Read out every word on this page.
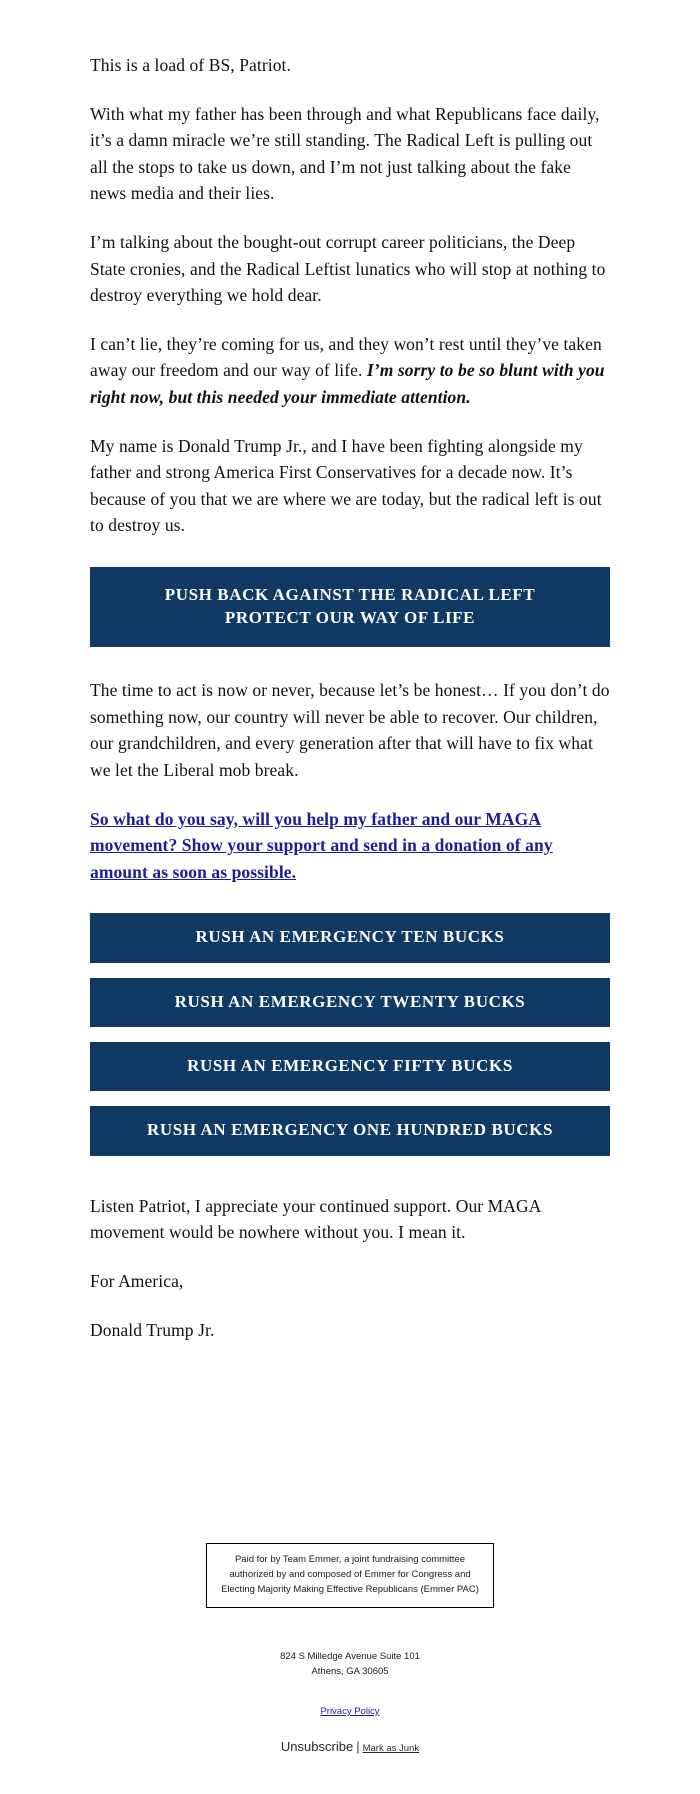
This is a load of BS, Patriot.

With what my father has been through and what Republicans face daily, it’s a damn miracle we’re still standing. The Radical Left is pulling out all the stops to take us down, and I’m not just talking about the fake news media and their lies.

I’m talking about the bought-out corrupt career politicians, the Deep State cronies, and the Radical Leftist lunatics who will stop at nothing to destroy everything we hold dear.

I can’t lie, they’re coming for us, and they won’t rest until they’ve taken away our freedom and our way of life. I’m sorry to be so blunt with you right now, but this needed your immediate attention.

My name is Donald Trump Jr., and I have been fighting alongside my father and strong America First Conservatives for a decade now. It’s because of you that we are where we are today, but the radical left is out to destroy us.

PUSH BACK AGAINST THE RADICAL LEFT
PROTECT OUR WAY OF LIFE

The time to act is now or never, because let’s be honest… If you don’t do something now, our country will never be able to recover. Our children, our grandchildren, and every generation after that will have to fix what we let the Liberal mob break.

So what do you say, will you help my father and our MAGA movement? Show your support and send in a donation of any amount as soon as possible.

RUSH AN EMERGENCY TEN BUCKS
RUSH AN EMERGENCY TWENTY BUCKS
RUSH AN EMERGENCY FIFTY BUCKS
RUSH AN EMERGENCY ONE HUNDRED BUCKS

Listen Patriot, I appreciate your continued support. Our MAGA movement would be nowhere without you. I mean it.

For America,

Donald Trump Jr.

Paid for by Team Emmer, a joint fundraising committee
authorized by and composed of Emmer for Congress and
Electing Majority Making Effective Republicans (Emmer PAC)
824 S Milledge Avenue Suite 101
Athens, GA 30605
Privacy Policy
Unsubscribe | Mark as Junk
